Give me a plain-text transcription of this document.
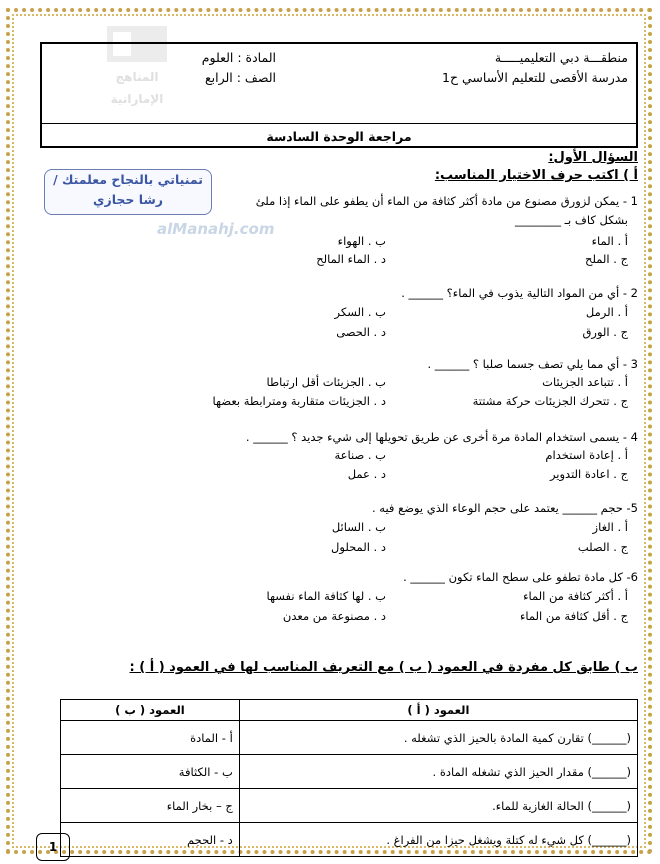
المناهج
الإماراتية
alManahj.com
منطقـــة دبي التعليميـــــة
مدرسة الأقصى للتعليم الأساسي ح1
المادة : العلوم
الصف : الرابع
مراجعة الوحدة السادسة
السؤال الأول:
أ ) اكتب حرف الاختيار المناسب:
تمنياتي بالنجاح معلمتك /
رشا حجازي	1 - يمكن لزورق مصنوع من مادة أكثر كثافة من الماء أن يطفو على الماء إذا ملئ
بشكل كاف بـ ________
أ . الماء
ب . الهواء
ج . الملح
د . الماء المالح
2 - أي من المواد التالية يذوب في الماء؟ ______ .
أ . الرمل
ب . السكر
ج . الورق
د . الحصى
3 - أي مما يلي تصف جسما صلبا ؟ ______ .
أ . تتباعد الجزيئات
ب . الجزيئات أقل ارتباطا
ج . تتحرك الجزيئات حركة مشتتة
د . الجزيئات متقاربة ومترابطة بعضها
4 - يسمى استخدام المادة مرة أخرى عن طريق تحويلها إلى شيء جديد ؟ ______ .
أ . إعادة استخدام
ب . صناعة
ج . اعادة التدوير
د . عمل
5- حجم ______ يعتمد على حجم الوعاء الذي يوضع فيه .
أ . الغاز
ب . السائل
ج . الصلب
د . المحلول
6- كل مادة تطفو على سطح الماء تكون ______ .
أ . أكثر كثافة من الماء
ب . لها كثافة الماء نفسها
ج . أقل كثافة من الماء
د . مصنوعة من معدن
ب ) طابق كل مفردة في العمود ( ب ) مع التعريف المناسب لها في العمود ( أ ) :
العمود ( أ )	العمود ( ب )
(______) تقارن كمية المادة بالحيز الذي تشغله .	أ - المادة
(______) مقدار الحيز الذي تشغله المادة .	ب - الكثافة
(______) الحالة الغازية للماء.	ج – بخار الماء
(______) كل شيء له كتلة ويشغل حيزا من الفراغ .	د - الحجم
1
